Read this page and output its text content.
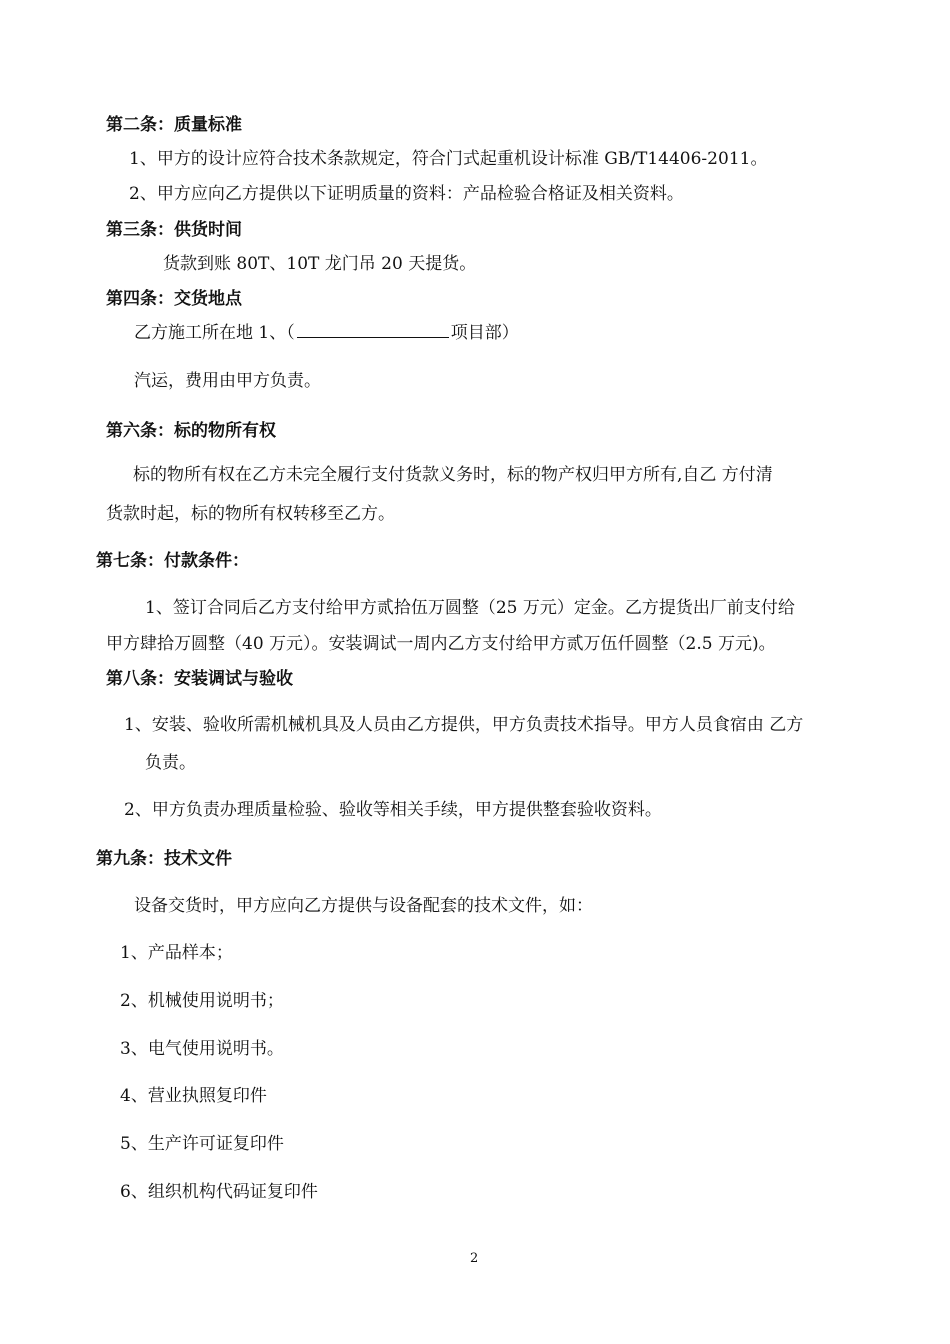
第二条：质量标准
1、甲方的设计应符合技术条款规定，符合门式起重机设计标准 GB/T14406-2011。
2、甲方应向乙方提供以下证明质量的资料：产品检验合格证及相关资料。
第三条：供货时间
货款到账 80T、10T 龙门吊 20 天提货。
第四条：交货地点
乙方施工所在地 1、（	项目部）
汽运，费用由甲方负责。
第六条：标的物所有权
标的物所有权在乙方未完全履行支付货款义务时，标的物产权归甲方所有,自乙 方付清
货款时起，标的物所有权转移至乙方。
第七条：付款条件：
1、签订合同后乙方支付给甲方贰拾伍万圆整（25 万元）定金。乙方提货出厂前支付给
甲方肆拾万圆整（40 万元）。安装调试一周内乙方支付给甲方贰万伍仟圆整（2.5 万元)。
第八条：安装调试与验收
1、安装、验收所需机械机具及人员由乙方提供，甲方负责技术指导。甲方人员食宿由 乙方
负责。
2、甲方负责办理质量检验、验收等相关手续，甲方提供整套验收资料。
第九条：技术文件
设备交货时，甲方应向乙方提供与设备配套的技术文件，如：
1、产品样本；
2、机械使用说明书；
3、电气使用说明书。
4、营业执照复印件
5、生产许可证复印件
6、组织机构代码证复印件
2
